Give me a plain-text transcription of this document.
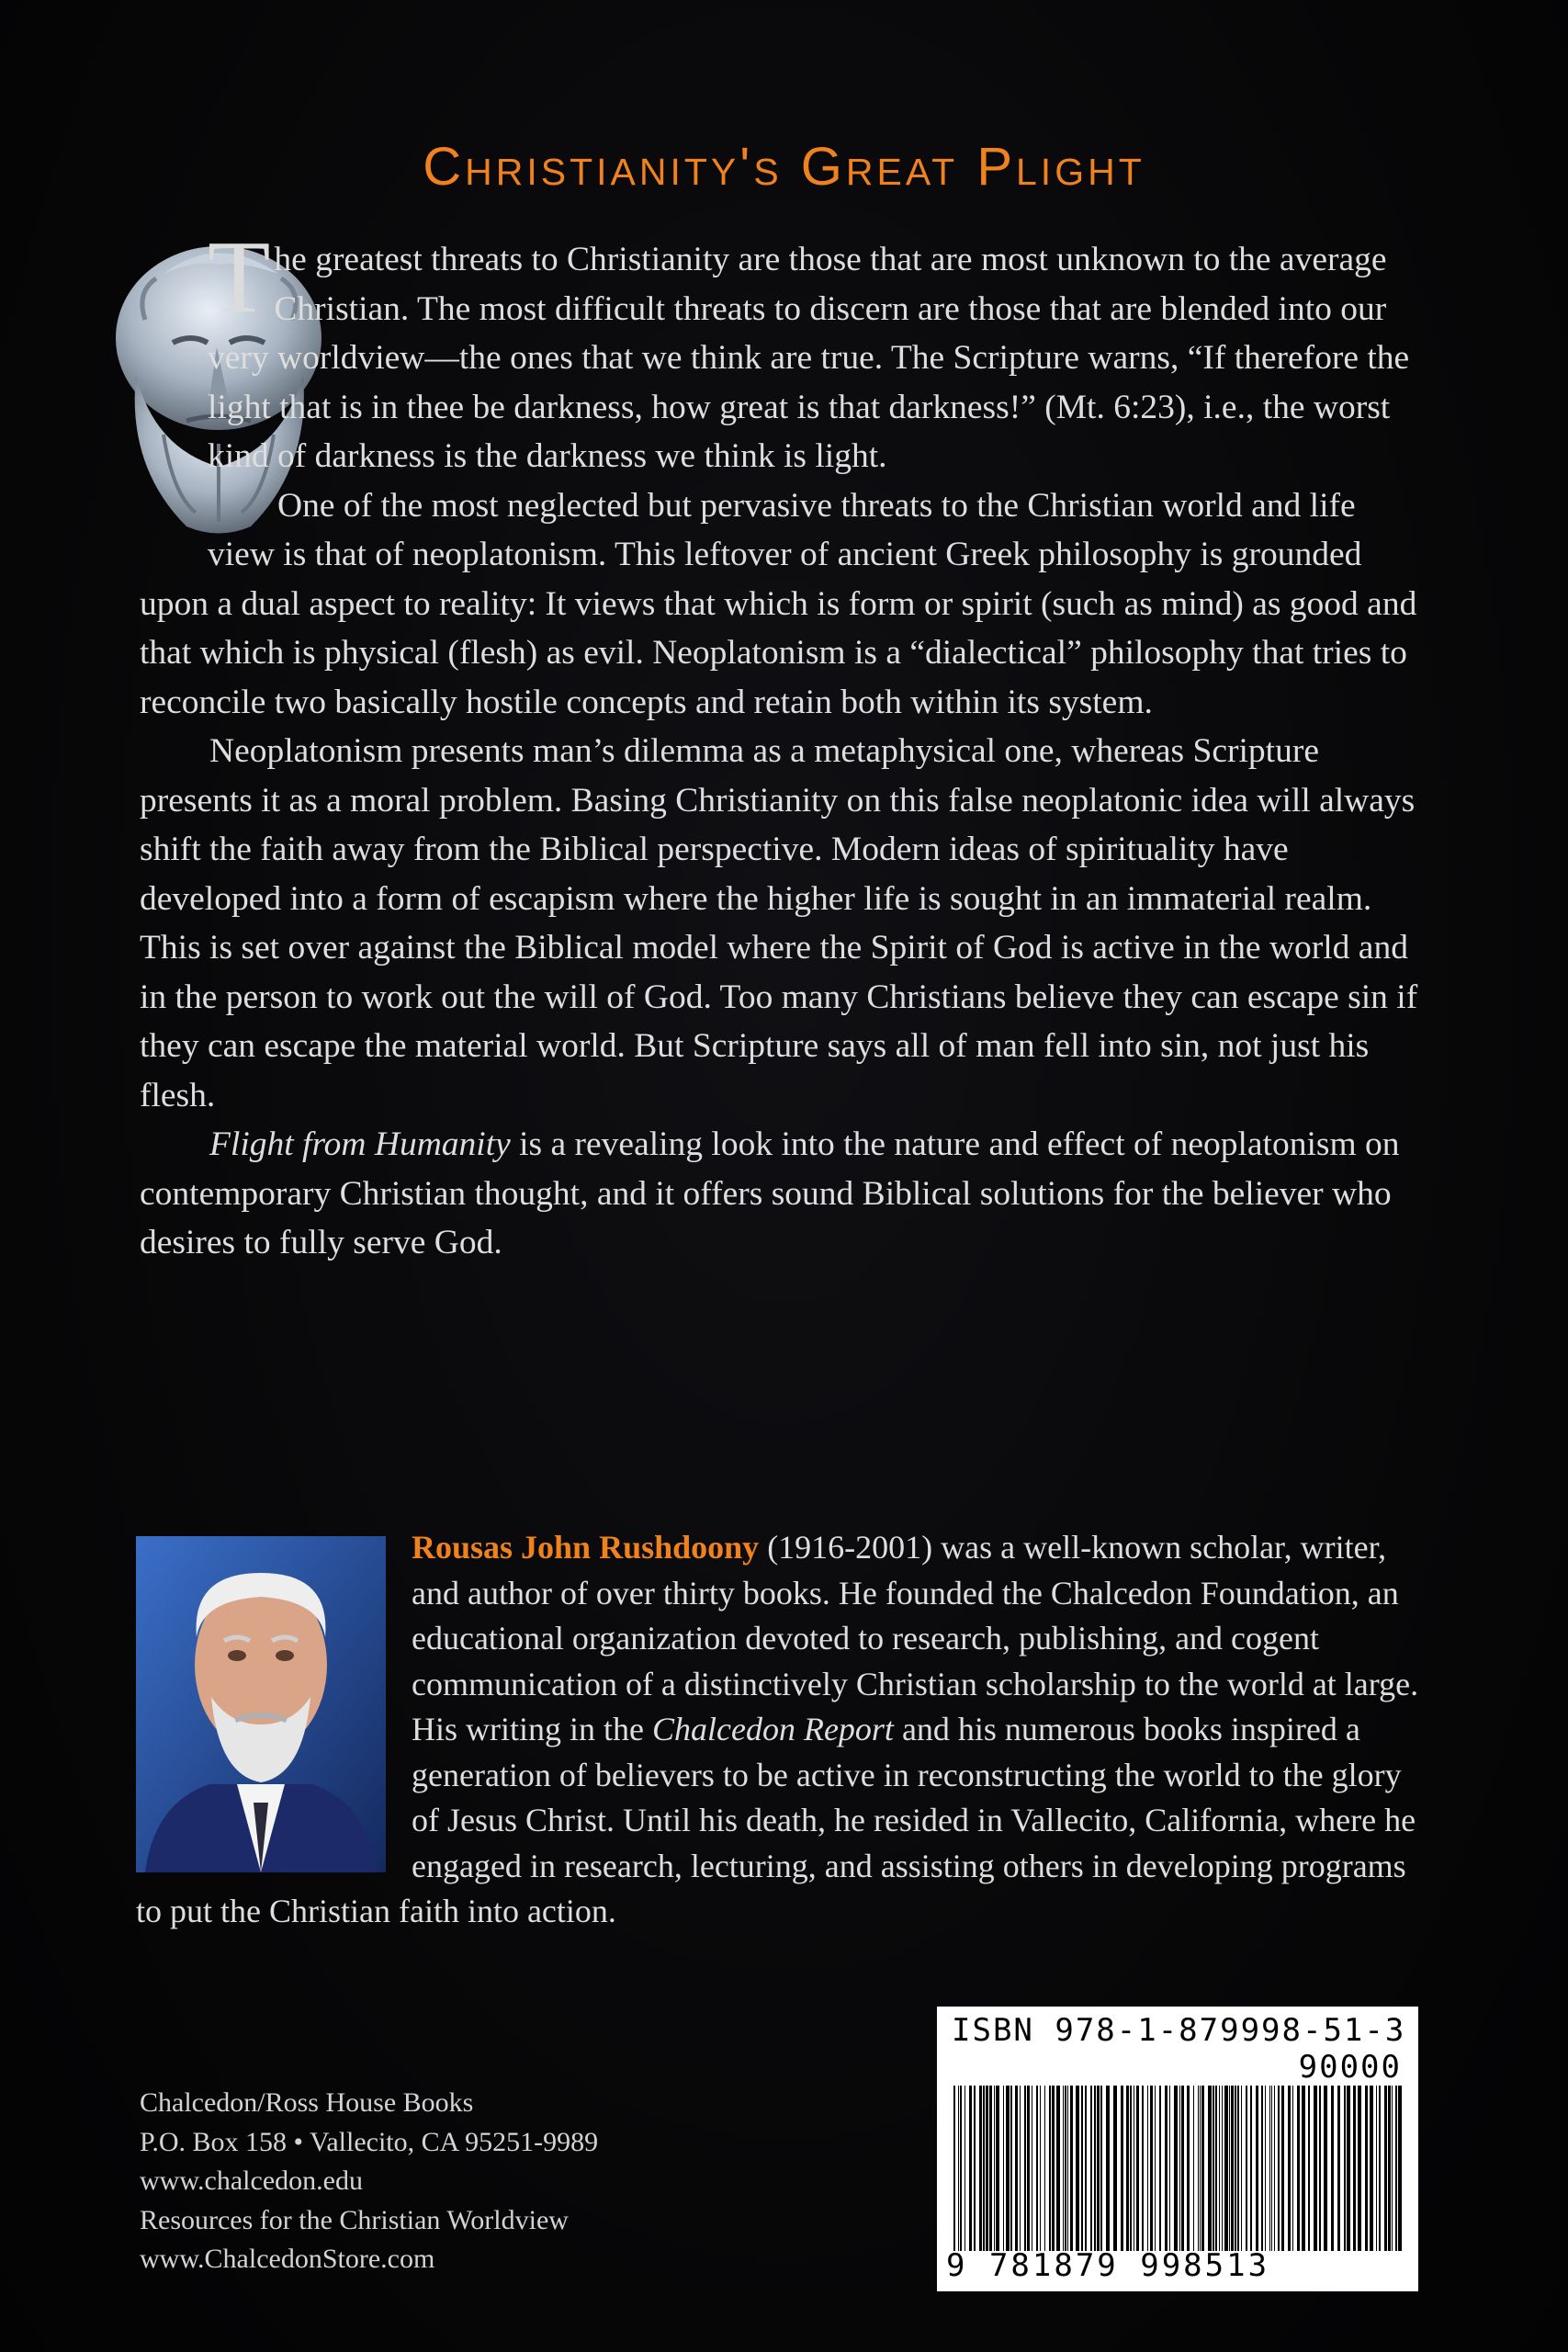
Christianity's Great Plight

T he greatest threats to Christianity are those that are most unknown to the average Christian. The most difficult threats to discern are those that are blended into our very worldview—the ones that we think are true. The Scripture warns, “If therefore the light that is in thee be darkness, how great is that darkness!” (Mt. 6:23), i.e., the worst kind of darkness is the darkness we think is light.

One of the most neglected but pervasive threats to the Christian world and life view is that of neoplatonism. This leftover of ancient Greek philosophy is grounded upon a dual aspect to reality: It views that which is form or spirit (such as mind) as good and that which is physical (flesh) as evil. Neoplatonism is a “dialectical” philosophy that tries to reconcile two basically hostile concepts and retain both within its system.

Neoplatonism presents man’s dilemma as a metaphysical one, whereas Scripture presents it as a moral problem. Basing Christianity on this false neoplatonic idea will always shift the faith away from the Biblical perspective. Modern ideas of spirituality have developed into a form of escapism where the higher life is sought in an immaterial realm. This is set over against the Biblical model where the Spirit of God is active in the world and in the person to work out the will of God. Too many Christians believe they can escape sin if they can escape the material world. But Scripture says all of man fell into sin, not just his flesh.

Flight from Humanity is a revealing look into the nature and effect of neoplatonism on contemporary Christian thought, and it offers sound Biblical solutions for the believer who desires to fully serve God.

Rousas John Rushdoony (1916-2001) was a well-known scholar, writer, and author of over thirty books. He founded the Chalcedon Foundation, an educational organization devoted to research, publishing, and cogent communication of a distinctively Christian scholarship to the world at large. His writing in the Chalcedon Report and his numerous books inspired a generation of believers to be active in reconstructing the world to the glory of Jesus Christ. Until his death, he resided in Vallecito, California, where he engaged in research, lecturing, and assisting others in developing programs to put the Christian faith into action.

Chalcedon/Ross House Books
P.O. Box 158 • Vallecito, CA 95251-9989
www.chalcedon.edu
Resources for the Christian Worldview
www.ChalcedonStore.com
ISBN 978-1-879998-51-3
90000
9 781879 998513
